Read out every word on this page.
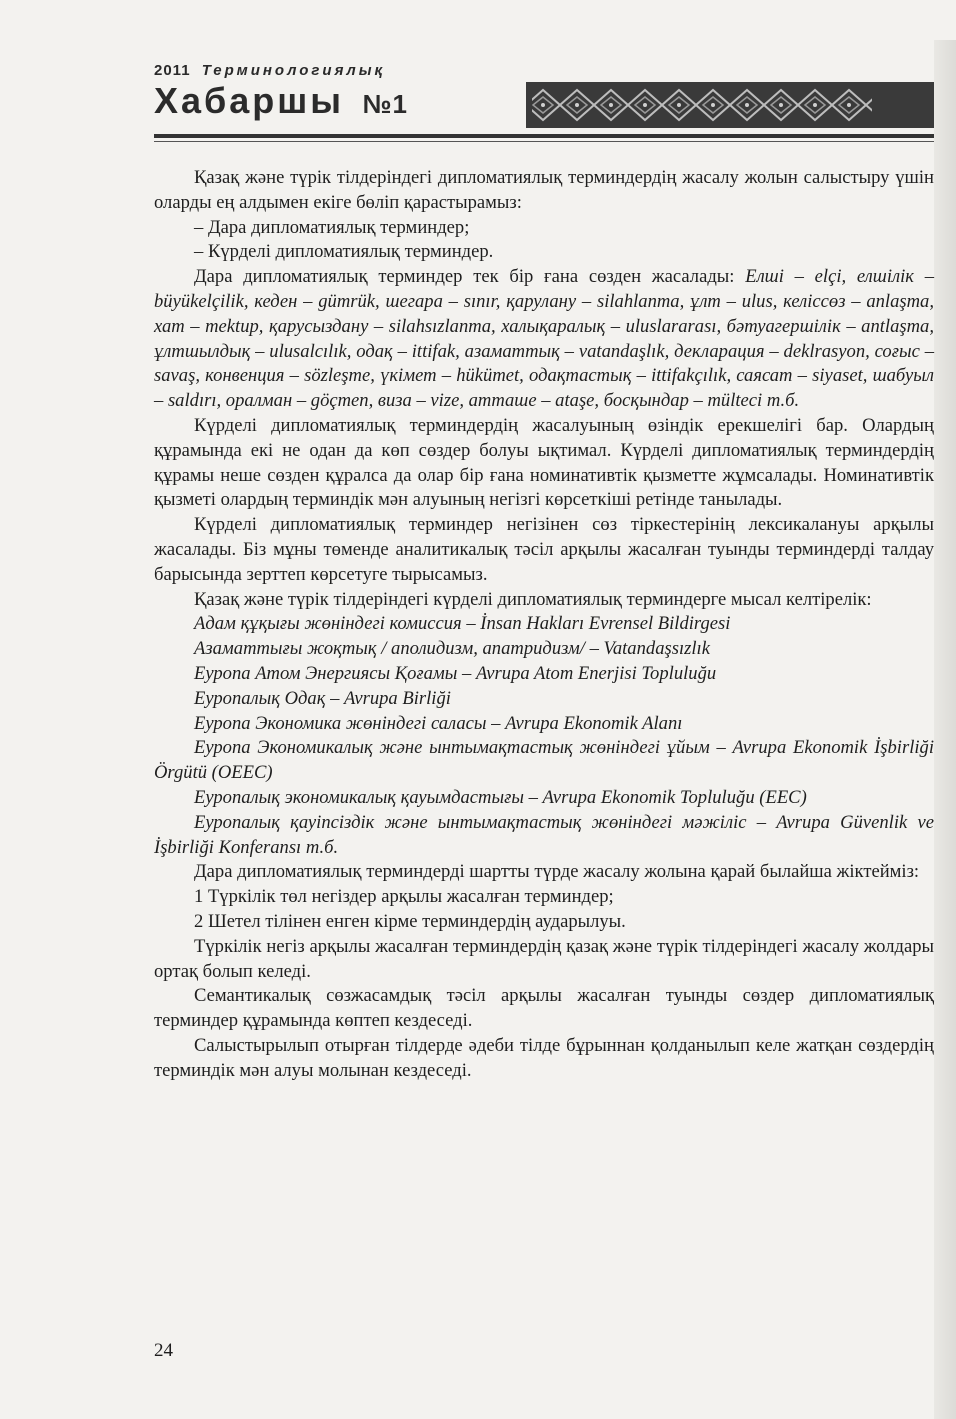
2011 Терминологиялық
Хабаршы №1

Қазақ және түрік тілдеріндегі дипломатиялық терминдердің жасалу жолын салыстыру үшін оларды ең алдымен екіге бөліп қарастырамыз:

– Дара дипломатиялық терминдер;

– Күрделі дипломатиялық терминдер.

Дара дипломатиялық терминдер тек бір ғана сөзден жасалады: Елші – elçi, елшілік – büyükelçilik, кеден – gümrük, шегара – sınır, қарулану – silahlanma, ұлт – ulus, келіссөз – anlaşma, хат – mektup, қарусыздану – silahsızlanma, халықаралық – uluslararası, бәтуагершілік – antlaşma, ұлтшылдық – ulusalcılık, одақ – ittifak, азаматтық – vatandaşlık, декларация – deklrasyon, соғыс – savaş, конвенция – sözleşme, үкімет – hükümet, одақтастық – ittifakçılık, саясат – siyaset, шабуыл – saldırı, оралман – göçmen, виза – vize, атташе – ataşe, босқындар – mülteci т.б.

Күрделі дипломатиялық терминдердің жасалуының өзіндік ерекшелігі бар. Олардың құрамында екі не одан да көп сөздер болуы ықтимал. Күрделі дипломатиялық терминдердің құрамы неше сөзден құралса да олар бір ғана номинативтік қызметте жұмсалады. Номинативтік қызметі олардың терминдік мән алуының негізгі көрсеткіші ретінде танылады.

Күрделі дипломатиялық терминдер негізінен сөз тіркестерінің лексикалануы арқылы жасалады. Біз мұны төменде аналитикалық тәсіл арқылы жасалған туынды терминдерді талдау барысында зерттеп көрсетуге тырысамыз.

Қазақ және түрік тілдеріндегі күрделі дипломатиялық терминдерге мысал келтірелік:

Адам құқығы жөніндегі комиссия – İnsan Hakları Evrensel Bildirgesi

Азаматтығы жоқтық / аполидизм, апатридизм/ – Vatandaşsızlık

Еуропа Атом Энергиясы Қоғамы – Avrupa Atom Enerjisi Topluluğu

Еуропалық Одақ – Avrupa Birliği

Еуропа Экономика жөніндегі саласы – Avrupa Ekonomik Alanı

Еуропа Экономикалық және ынтымақтастық жөніндегі ұйым – Avrupa Ekonomik İşbirliği Örgütü (OEEC)

Еуропалық экономикалық қауымдастығы – Avrupa Ekonomik Topluluğu (EEC)

Еуропалық қауіпсіздік және ынтымақтастық жөніндегі мәжіліс – Avrupa Güvenlik ve İşbirliği Konferansı т.б.

Дара дипломатиялық терминдерді шартты түрде жасалу жолына қарай былайша жіктейміз:

1 Түркілік төл негіздер арқылы жасалған терминдер;

2 Шетел тілінен енген кірме терминдердің аударылуы.

Түркілік негіз арқылы жасалған терминдердің қазақ және түрік тілдеріндегі жасалу жолдары ортақ болып келеді.

Семантикалық сөзжасамдық тәсіл арқылы жасалған туынды сөздер дипломатиялық терминдер құрамында көптеп кездеседі.

Салыстырылып отырған тілдерде әдеби тілде бұрыннан қолданылып келе жатқан сөздердің терминдік мән алуы молынан кездеседі.

24
